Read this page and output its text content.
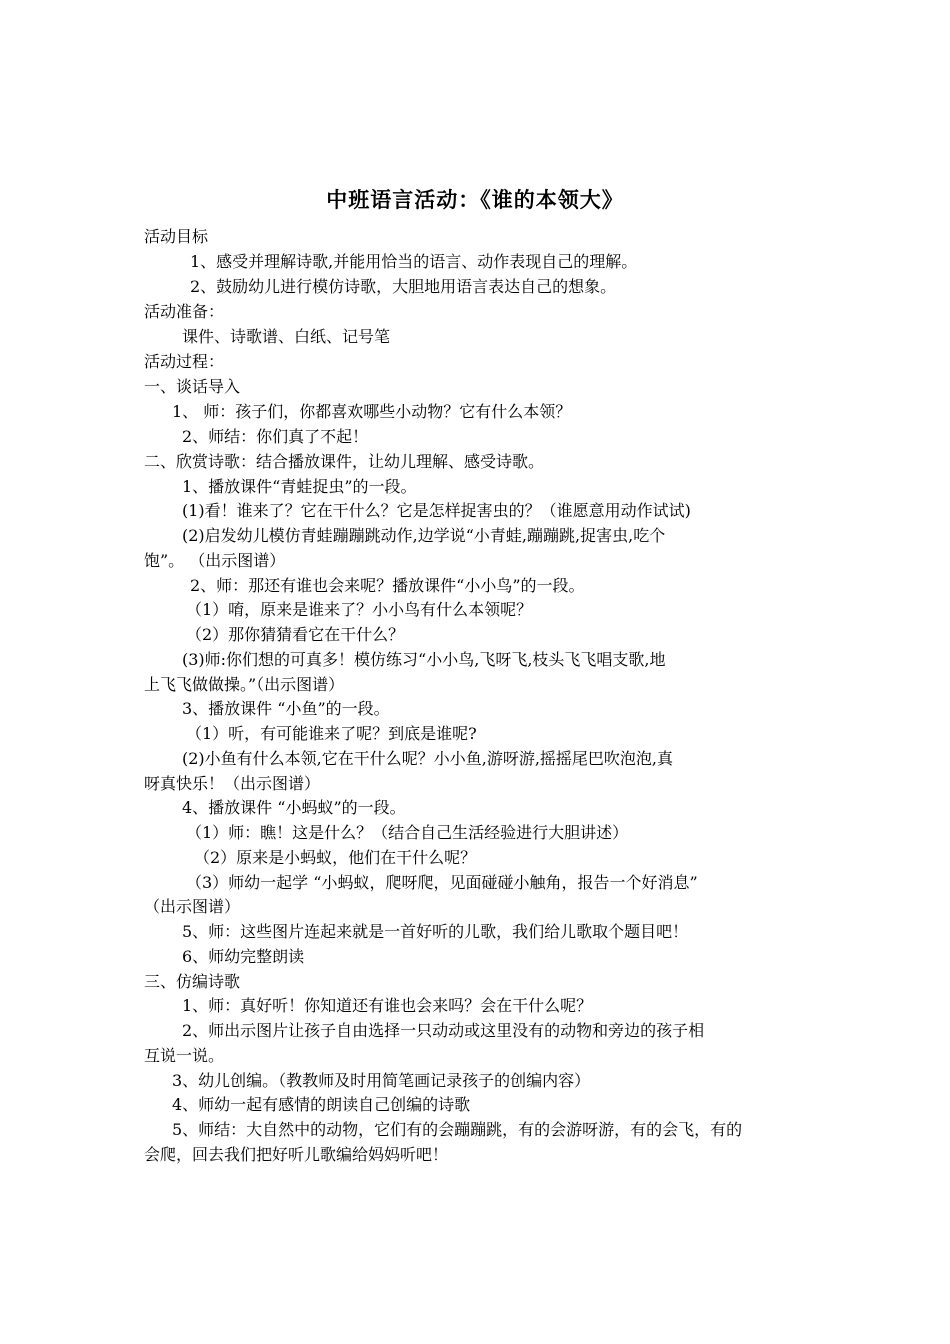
中班语言活动：《谁的本领大》
活动目标
1、感受并理解诗歌,并能用恰当的语言、动作表现自己的理解。
2、鼓励幼儿进行模仿诗歌，大胆地用语言表达自己的想象。
活动准备：
课件、诗歌谱、白纸、记号笔
活动过程：
一、谈话导入
1、 师：孩子们，你都喜欢哪些小动物？它有什么本领？
2、师结：你们真了不起！
二、欣赏诗歌：结合播放课件，让幼儿理解、感受诗歌。
1、播放课件“青蛙捉虫”的一段。
(1)看！谁来了？它在干什么？它是怎样捉害虫的？（谁愿意用动作试试)
(2)启发幼儿模仿青蛙蹦蹦跳动作,边学说“小青蛙,蹦蹦跳,捉害虫,吃个
饱”。 （出示图谱）
2、师：那还有谁也会来呢？播放课件“小小鸟”的一段。
（1）唷，原来是谁来了？小小鸟有什么本领呢？
（2）那你猜猜看它在干什么？
(3)师:你们想的可真多！模仿练习“小小鸟,飞呀飞,枝头飞飞唱支歌,地
上飞飞做做操。”（出示图谱）
3、播放课件 “小鱼”的一段。
（1）听，有可能谁来了呢？到底是谁呢?
(2)小鱼有什么本领,它在干什么呢？小小鱼,游呀游,摇摇尾巴吹泡泡,真
呀真快乐！（出示图谱）
4、播放课件 “小蚂蚁”的一段。
（1）师：瞧！这是什么？（结合自己生活经验进行大胆讲述）
（2）原来是小蚂蚁，他们在干什么呢？
（3）师幼一起学 “小蚂蚁，爬呀爬，见面碰碰小触角，报告一个好消息”
（出示图谱）
5、师：这些图片连起来就是一首好听的儿歌，我们给儿歌取个题目吧！
6、师幼完整朗读
三、仿编诗歌
1、师：真好听！你知道还有谁也会来吗？会在干什么呢？
2、师出示图片让孩子自由选择一只动动或这里没有的动物和旁边的孩子相
互说一说。
3、幼儿创编。（教教师及时用简笔画记录孩子的创编内容）
4、师幼一起有感情的朗读自己创编的诗歌
5、师结：大自然中的动物，它们有的会蹦蹦跳，有的会游呀游，有的会飞，有的
会爬，回去我们把好听儿歌编给妈妈听吧！
